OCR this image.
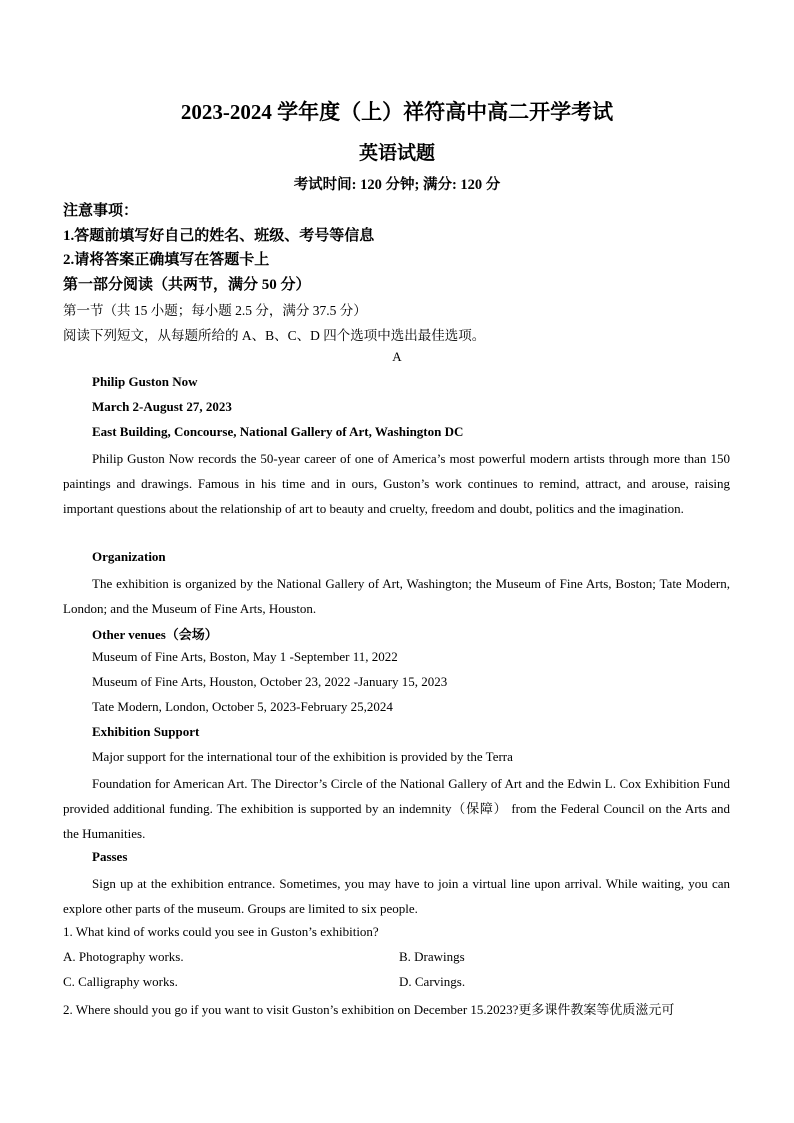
2023-2024 学年度（上）祥符高中高二开学考试
英语试题
考试时间: 120 分钟; 满分: 120 分
注意事项：
1.答题前填写好自己的姓名、班级、考号等信息
2.请将答案正确填写在答题卡上
第一部分阅读（共两节，满分 50 分）
第一节（共 15 小题；每小题 2.5 分，满分 37.5 分）
阅读下列短文，从每题所给的 A、B、C、D 四个选项中选出最佳选项。
A
Philip Guston Now
March 2-August 27, 2023
East Building, Concourse, National Gallery of Art, Washington DC
Philip Guston Now records the 50-year career of one of America’s most powerful modern artists through more than 150 paintings and drawings. Famous in his time and in ours, Guston’s work continues to remind, attract, and arouse, raising important questions about the relationship of art to beauty and cruelty, freedom and doubt, politics and the imagination.
Organization
The exhibition is organized by the National Gallery of Art, Washington; the Museum of Fine Arts, Boston; Tate Modern, London; and the Museum of Fine Arts, Houston.
Other venues（会场）
Museum of Fine Arts, Boston, May 1 -September 11, 2022
Museum of Fine Arts, Houston, October 23, 2022 -January 15, 2023
Tate Modern, London, October 5, 2023-February 25,2024
Exhibition Support
Major support for the international tour of the exhibition is provided by the Terra
Foundation for American Art. The Director’s Circle of the National Gallery of Art and the Edwin L. Cox Exhibition Fund provided additional funding. The exhibition is supported by an indemnity（保障） from the Federal Council on the Arts and the Humanities.
Passes
Sign up at the exhibition entrance. Sometimes, you may have to join a virtual line upon arrival. While waiting, you can explore other parts of the museum. Groups are limited to six people.
1. What kind of works could you see in Guston’s exhibition?
A. Photography works.	B. Drawings
C. Calligraphy works.	D. Carvings.
2. Where should you go if you want to visit Guston’s exhibition on December 15.2023?更多课件教案等优质滋元可
